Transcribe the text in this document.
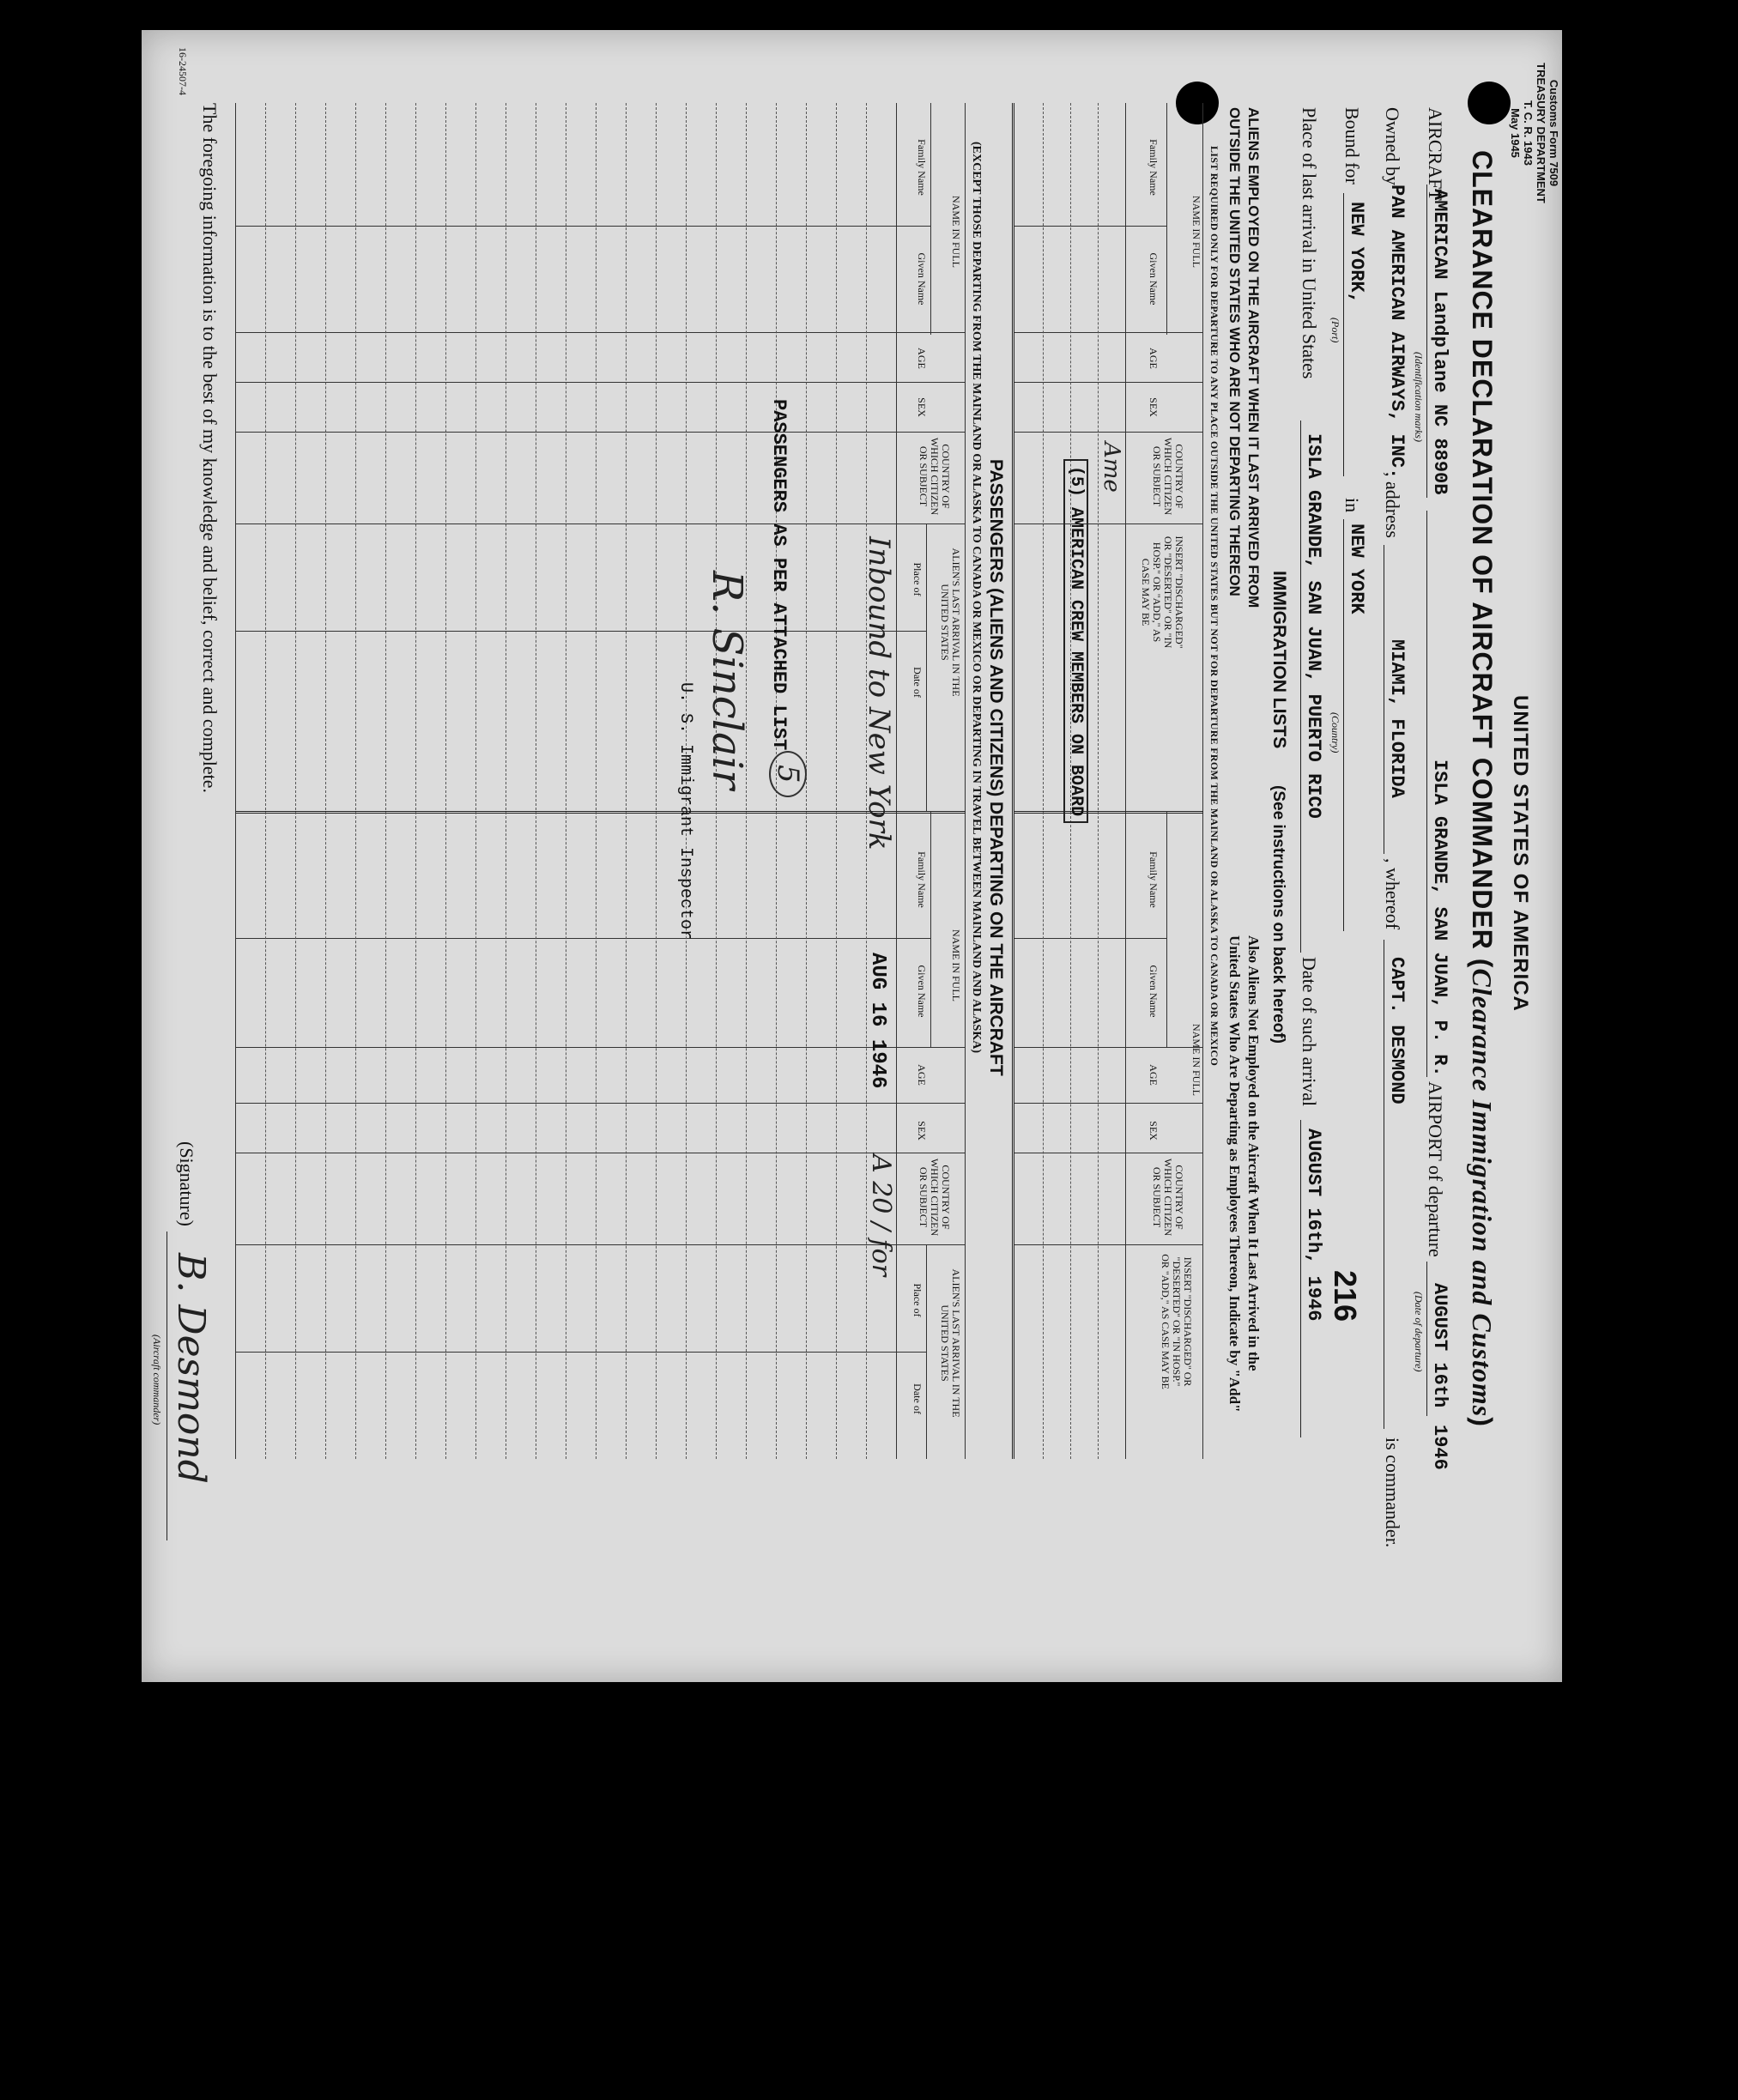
Customs Form 7509
TREASURY DEPARTMENT
T. C. R. 1943
May 1945
UNITED STATES OF AMERICA
CLEARANCE DECLARATION OF AIRCRAFT COMMANDER (Clearance Immigration and Customs)
AIRCRAFT
AMERICAN Landplane NC 8890B
(Identification marks)
ISLA GRANDE, SAN JUAN, P. R.
AIRPORT of departure
AUGUST 16th
(Date of departure)
1946
Owned by
PAN AMERICAN AIRWAYS, INC.
, address
MIAMI, FLORIDA
, whereof
CAPT. DESMOND
is commander.
Bound for
NEW YORK,
(Port)
in
NEW YORK
(Country)
Place of last arrival in United States
ISLA GRANDE, SAN JUAN, PUERTO RICO
Date of such arrival
AUGUST 16th, 1946 216
IMMIGRATION LISTS
(See instructions on back hereof)
ALIENS EMPLOYED ON THE AIRCRAFT WHEN IT LAST ARRIVED FROM
OUTSIDE THE UNITED STATES WHO ARE NOT DEPARTING THEREON
Also Aliens Not Employed on the Aircraft When It Last Arrived in the
United States Who Are Departing as Employees Thereon, Indicate by "Add"
LIST REQUIRED ONLY FOR DEPARTURE TO ANY PLACE OUTSIDE THE UNITED STATES BUT NOT FOR DEPARTURE FROM THE MAINLAND OR ALASKA TO CANADA OR MEXICO
NAME IN FULL
Family Name
Given Name
AGE
SEX
COUNTRY OF WHICH CITIZEN OR SUBJECT
INSERT "DISCHARGED" OR "DESERTED" OR "IN HOSP." OR "ADD," AS CASE MAY BE
NAME IN FULL
Family Name
Given Name
AGE
SEX
COUNTRY OF WHICH CITIZEN OR SUBJECT
INSERT "DISCHARGED" OR "DESERTED" OR "IN HOSP." OR "ADD," AS CASE MAY BE
Ame
(5) AMERICAN CREW MEMBERS ON BOARD
PASSENGERS (ALIENS AND CITIZENS) DEPARTING ON THE AIRCRAFT
(EXCEPT THOSE DEPARTING FROM THE MAINLAND OR ALASKA TO CANADA OR MEXICO OR DEPARTING IN TRAVEL BETWEEN MAINLAND AND ALASKA)
NAME IN FULL
Family Name
Given Name
AGE
SEX
COUNTRY OF WHICH CITIZEN OR SUBJECT
ALIEN'S LAST ARRIVAL IN THE UNITED STATES
Place of
Date of
NAME IN FULL
Family Name
Given Name
AGE
SEX
COUNTRY OF WHICH CITIZEN OR SUBJECT
ALIEN'S LAST ARRIVAL IN THE UNITED STATES
Place of
Date of
Inbound to New York
AUG 16 1946
A 20 / for
PASSENGERS AS PER ATTACHED LIST
5
R. Sinclair
U. S. Immigrant Inspector
The foregoing information is to the best of my knowledge and belief, correct and complete.
(Signature)
B. Desmond
(Aircraft commander)
16-24507-4
